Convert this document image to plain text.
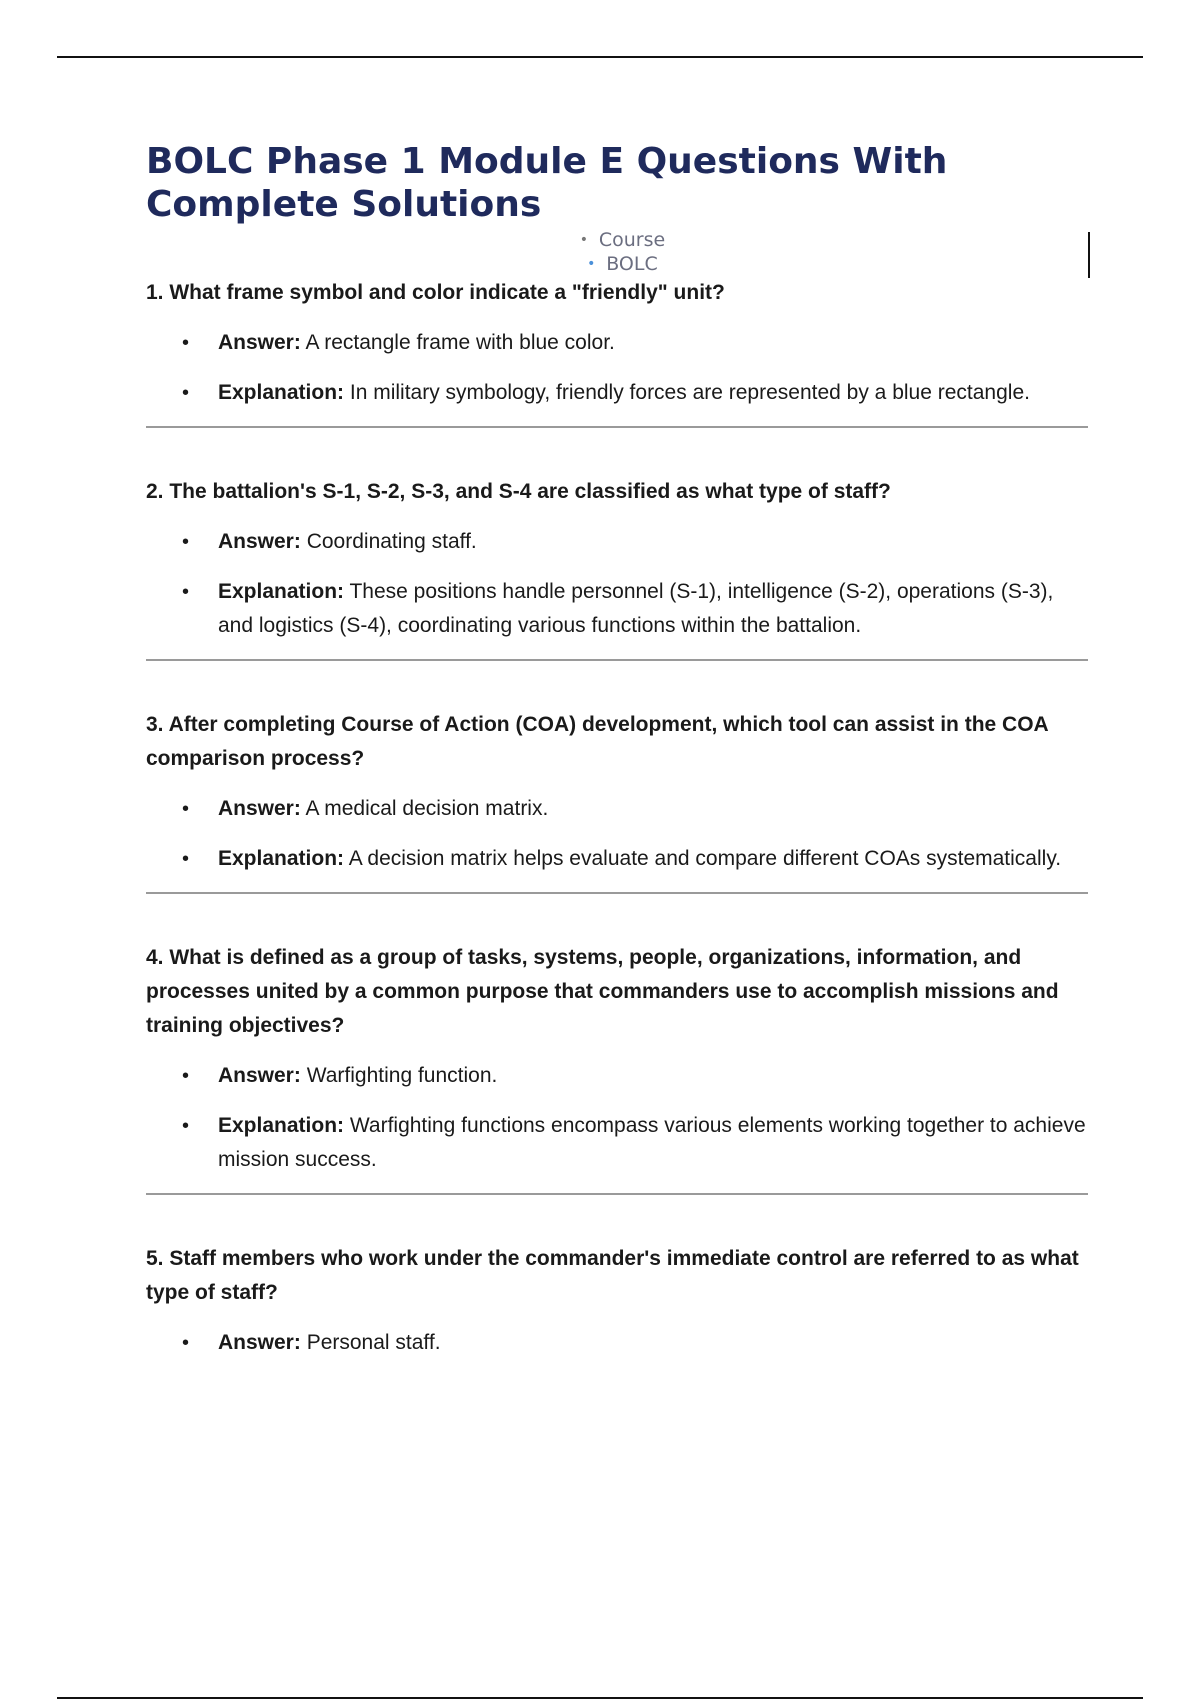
BOLC Phase 1 Module E Questions With Complete Solutions
• Course
• BOLC

1. What frame symbol and color indicate a "friendly" unit?

• Answer: A rectangle frame with blue color.
• Explanation: In military symbology, friendly forces are represented by a blue rectangle.

2. The battalion's S-1, S-2, S-3, and S-4 are classified as what type of staff?

• Answer: Coordinating staff.
• Explanation: These positions handle personnel (S-1), intelligence (S-2), operations (S-3), and logistics (S-4), coordinating various functions within the battalion.

3. After completing Course of Action (COA) development, which tool can assist in the COA comparison process?

• Answer: A medical decision matrix.
• Explanation: A decision matrix helps evaluate and compare different COAs systematically.

4. What is defined as a group of tasks, systems, people, organizations, information, and processes united by a common purpose that commanders use to accomplish missions and training objectives?

• Answer: Warfighting function.
• Explanation: Warfighting functions encompass various elements working together to achieve mission success.

5. Staff members who work under the commander's immediate control are referred to as what type of staff?

• Answer: Personal staff.
